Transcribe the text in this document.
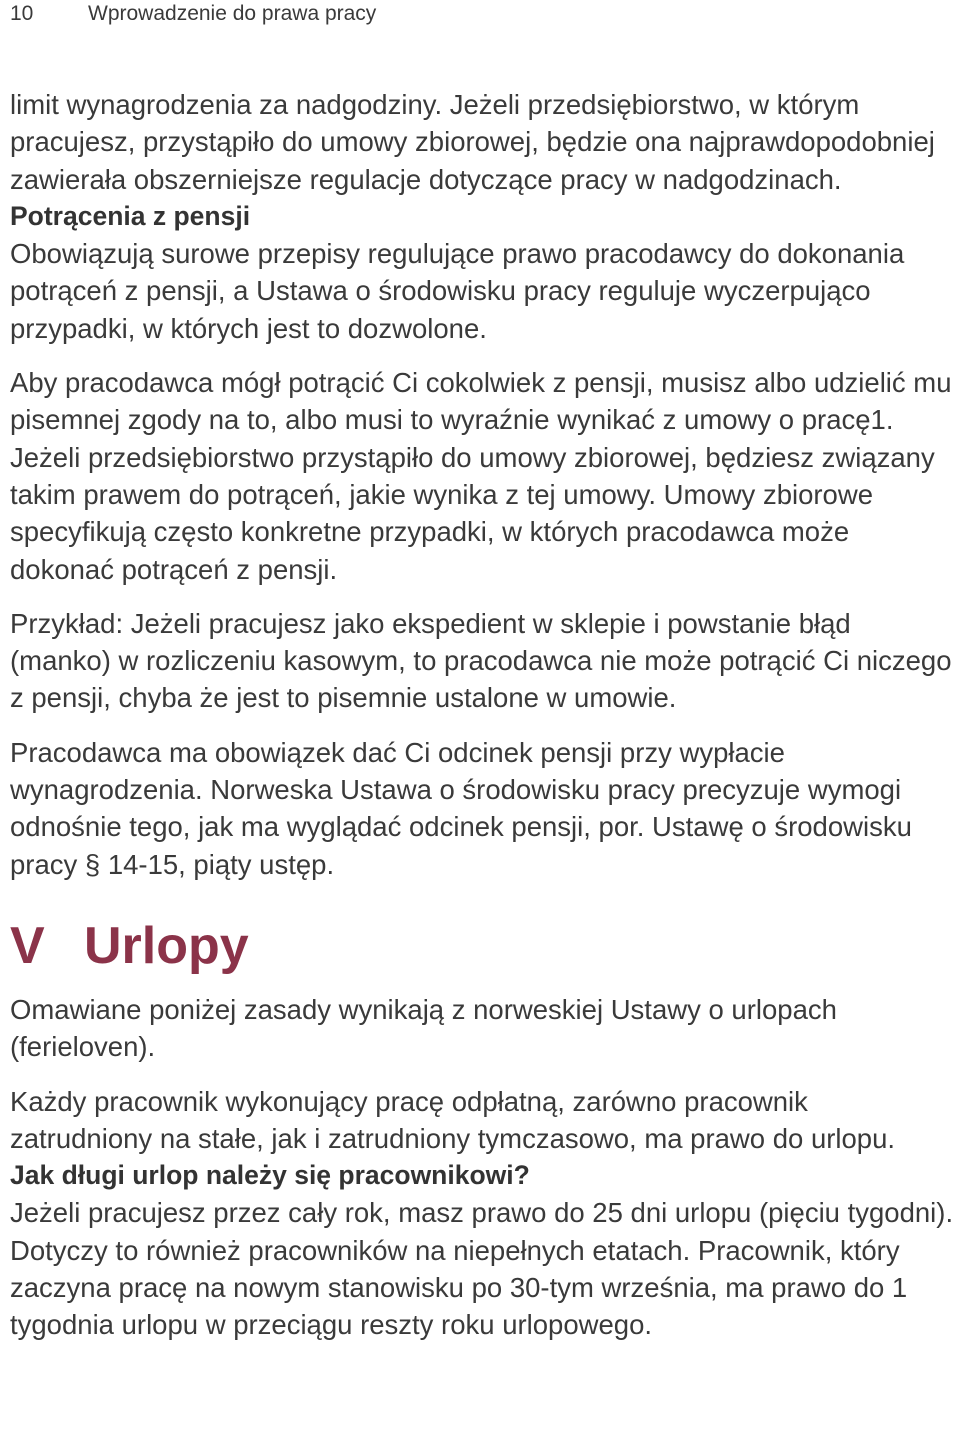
10	Wprowadzenie do prawa pracy

limit wynagrodzenia za nadgodziny. Jeżeli przedsiębiorstwo, w którym pracujesz, przystąpiło do umowy zbiorowej, będzie ona najprawdopodobniej zawierała obszerniejsze regulacje dotyczące pracy w nadgodzinach.

Potrącenia z pensji

Obowiązują surowe przepisy regulujące prawo pracodawcy do dokonania potrąceń z pensji, a Ustawa o środowisku pracy reguluje wyczerpująco przypadki, w których jest to dozwolone.

Aby pracodawca mógł potrącić Ci cokolwiek z pensji, musisz albo udzielić mu pisemnej zgody na to, albo musi to wyraźnie wynikać z umowy o pracę1. Jeżeli przedsiębiorstwo przystąpiło do umowy zbiorowej, będziesz związany takim prawem do potrąceń, jakie wynika z tej umowy. Umowy zbiorowe specyfikują często konkretne przypadki, w których pracodawca może dokonać potrąceń z pensji.

Przykład: Jeżeli pracujesz jako ekspedient w sklepie i powstanie błąd (manko) w rozliczeniu kasowym, to pracodawca nie może potrącić Ci niczego z pensji, chyba że jest to pisemnie ustalone w umowie.

Pracodawca ma obowiązek dać Ci odcinek pensji przy wypłacie wynagrodzenia. Norweska Ustawa o środowisku pracy precyzuje wymogi odnośnie tego, jak ma wyglądać odcinek pensji, por. Ustawę o środowisku pracy § 14-15, piąty ustęp.

V Urlopy

Omawiane poniżej zasady wynikają z norweskiej Ustawy o urlopach (ferieloven).

Każdy pracownik wykonujący pracę odpłatną, zarówno pracownik zatrudniony na stałe, jak i zatrudniony tymczasowo, ma prawo do urlopu.

Jak długi urlop należy się pracownikowi?

Jeżeli pracujesz przez cały rok, masz prawo do 25 dni urlopu (pięciu tygodni). Dotyczy to również pracowników na niepełnych etatach. Pracownik, który zaczyna pracę na nowym stanowisku po 30-tym września, ma prawo do 1 tygodnia urlopu w przeciągu reszty roku urlopowego.
